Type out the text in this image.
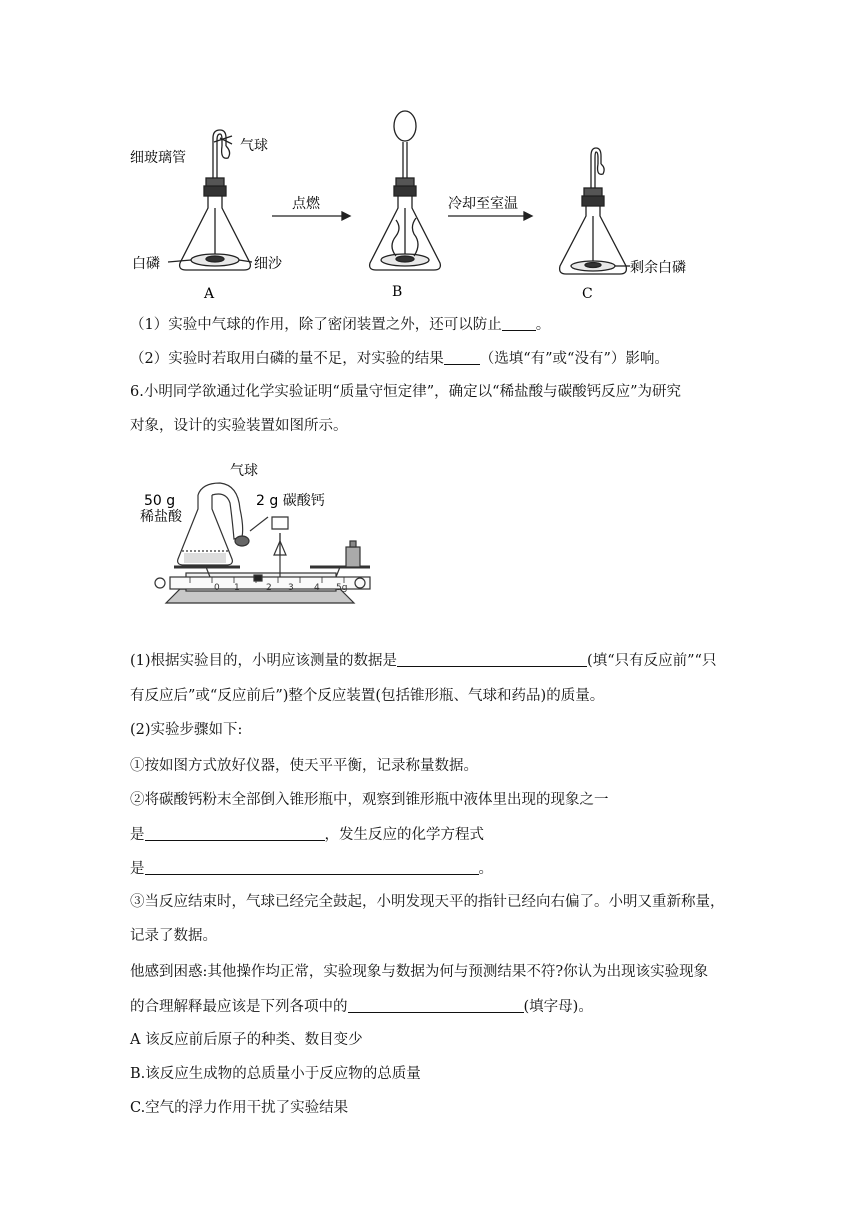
细玻璃管
气球
白磷	细沙
点燃	冷却至室温
剩余白磷
A	B	C
（1）实验中气球的作用，除了密闭装置之外，还可以防止 。
（2）实验时若取用白磷的量不足，对实验的结果 （选填“有”或“没有”）影响。
6.小明同学欲通过化学实验证明“质量守恒定律”，确定以“稀盐酸与碳酸钙反应”为研究
对象，设计的实验装置如图所示。
气球
50 g
稀盐酸
2 g 碳酸钙
0 1	2 3 4 5g
(1)根据实验目的，小明应该测量的数据是	(填“只有反应前”“只
有反应后”或“反应前后”)整个反应装置(包括锥形瓶、气球和药品)的质量。
(2)实验步骤如下:
①按如图方式放好仪器，使天平平衡，记录称量数据。
②将碳酸钙粉末全部倒入锥形瓶中，观察到锥形瓶中液体里出现的现象之一
是	，发生反应的化学方程式
是	。
③当反应结束时，气球已经完全鼓起，小明发现天平的指针已经向右偏了。小明又重新称量，
记录了数据。
他感到困惑:其他操作均正常，实验现象与数据为何与预测结果不符?你认为出现该实验现象
的合理解释最应该是下列各项中的	(填字母)。
A 该反应前后原子的种类、数目变少
B.该反应生成物的总质量小于反应物的总质量
C.空气的浮力作用干扰了实验结果
